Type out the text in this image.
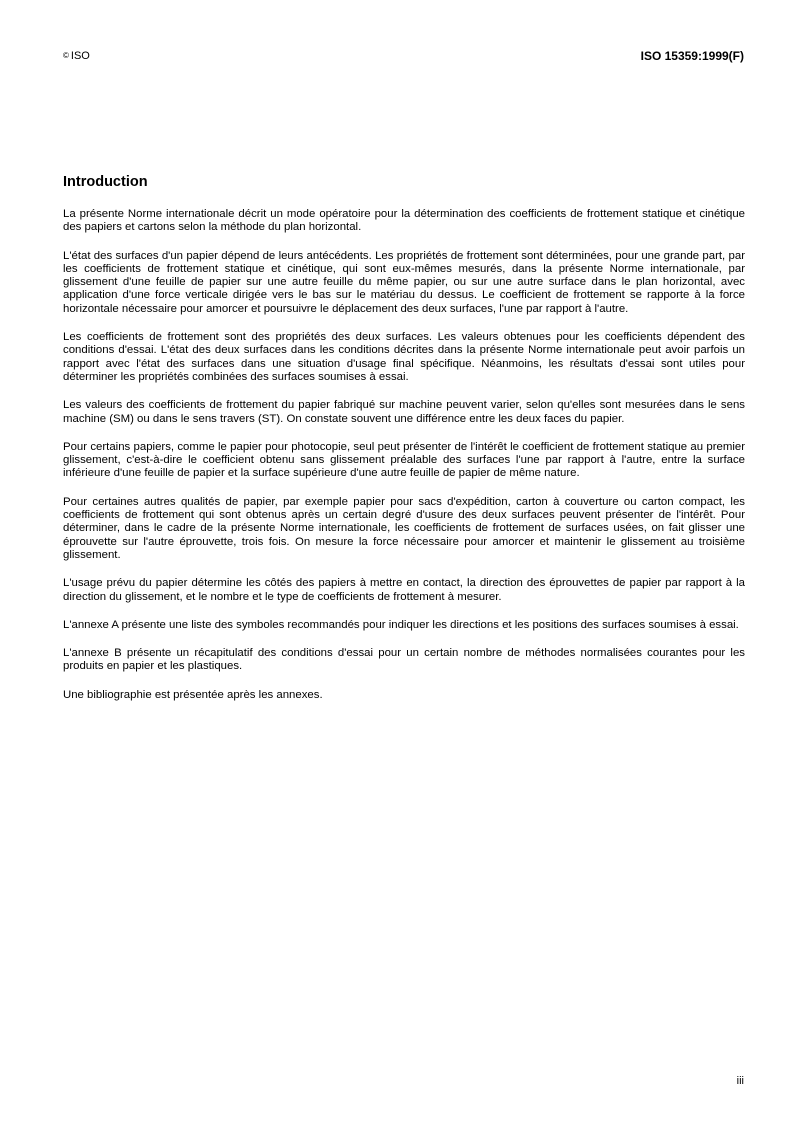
© ISO	ISO 15359:1999(F)
Introduction

La présente Norme internationale décrit un mode opératoire pour la détermination des coefficients de frottement statique et cinétique des papiers et cartons selon la méthode du plan horizontal.

L'état des surfaces d'un papier dépend de leurs antécédents. Les propriétés de frottement sont déterminées, pour une grande part, par les coefficients de frottement statique et cinétique, qui sont eux-mêmes mesurés, dans la présente Norme internationale, par glissement d'une feuille de papier sur une autre feuille du même papier, ou sur une autre surface dans le plan horizontal, avec application d'une force verticale dirigée vers le bas sur le matériau du dessus. Le coefficient de frottement se rapporte à la force horizontale nécessaire pour amorcer et poursuivre le déplacement des deux surfaces, l'une par rapport à l'autre.

Les coefficients de frottement sont des propriétés des deux surfaces. Les valeurs obtenues pour les coefficients dépendent des conditions d'essai. L'état des deux surfaces dans les conditions décrites dans la présente Norme internationale peut avoir parfois un rapport avec l'état des surfaces dans une situation d'usage final spécifique. Néanmoins, les résultats d'essai sont utiles pour déterminer les propriétés combinées des surfaces soumises à essai.

Les valeurs des coefficients de frottement du papier fabriqué sur machine peuvent varier, selon qu'elles sont mesurées dans le sens machine (SM) ou dans le sens travers (ST). On constate souvent une différence entre les deux faces du papier.

Pour certains papiers, comme le papier pour photocopie, seul peut présenter de l'intérêt le coefficient de frottement statique au premier glissement, c'est-à-dire le coefficient obtenu sans glissement préalable des surfaces l'une par rapport à l'autre, entre la surface inférieure d'une feuille de papier et la surface supérieure d'une autre feuille de papier de même nature.

Pour certaines autres qualités de papier, par exemple papier pour sacs d'expédition, carton à couverture ou carton compact, les coefficients de frottement qui sont obtenus après un certain degré d'usure des deux surfaces peuvent présenter de l'intérêt. Pour déterminer, dans le cadre de la présente Norme internationale, les coefficients de frottement de surfaces usées, on fait glisser une éprouvette sur l'autre éprouvette, trois fois. On mesure la force nécessaire pour amorcer et maintenir le glissement au troisième glissement.

L'usage prévu du papier détermine les côtés des papiers à mettre en contact, la direction des éprouvettes de papier par rapport à la direction du glissement, et le nombre et le type de coefficients de frottement à mesurer.

L'annexe A présente une liste des symboles recommandés pour indiquer les directions et les positions des surfaces soumises à essai.

L'annexe B présente un récapitulatif des conditions d'essai pour un certain nombre de méthodes normalisées courantes pour les produits en papier et les plastiques.

Une bibliographie est présentée après les annexes.

iii
